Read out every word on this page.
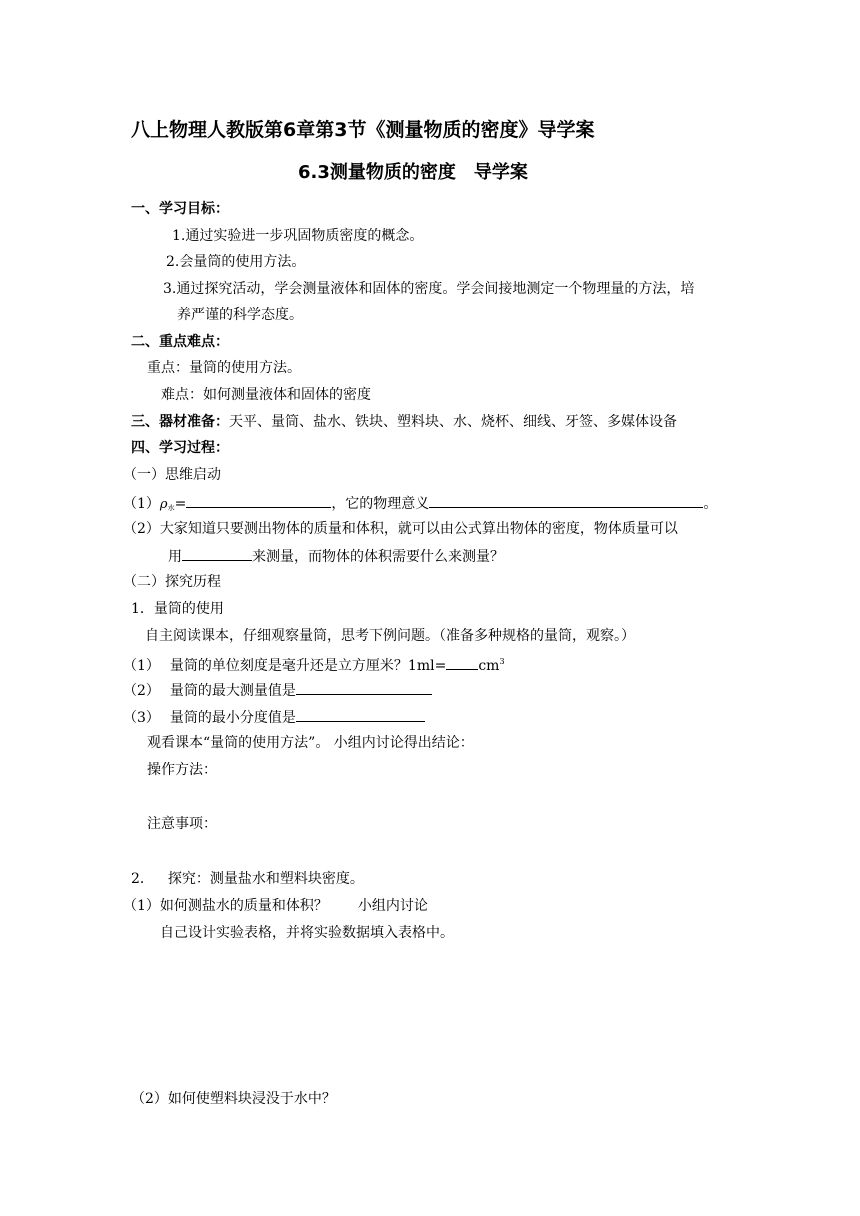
八上物理人教版第6章第3节《测量物质的密度》导学案
6.3测量物质的密度　导学案
一、学习目标：
1.通过实验进一步巩固物质密度的概念。
2.会量筒的使用方法。
3.通过探究活动，学会测量液体和固体的密度。学会间接地测定一个物理量的方法，培
养严谨的科学态度。
二、重点难点：
重点：量筒的使用方法。
难点：如何测量液体和固体的密度
三、器材准备：天平、量筒、盐水、铁块、塑料块、水、烧杯、细线、牙签、多媒体设备
四、学习过程：
（一）思维启动
$(1)\rho_水=$	，它的物理意义	。
（2）大家知道只要测出物体的质量和体积，就可以由公式算出物体的密度，物体质量可以
用	来测量，而物体的体积需要什么来测量？
（二）探究历程
1．量筒的使用
自主阅读课本，仔细观察量筒，思考下例问题。（准备多种规格的量筒，观察。）
（1） 量筒的单位刻度是毫升还是立方厘米？$1ml= cm^3$
（2） 量筒的最大测量值是
（3） 量筒的最小分度值是
观看课本“量筒的使用方法”。 小组内讨论得出结论：
操作方法：
注意事项：
2． 探究：测量盐水和塑料块密度。
（1）如何测盐水的质量和体积？ 小组内讨论
自己设计实验表格，并将实验数据填入表格中。
（2）如何使塑料块浸没于水中？
